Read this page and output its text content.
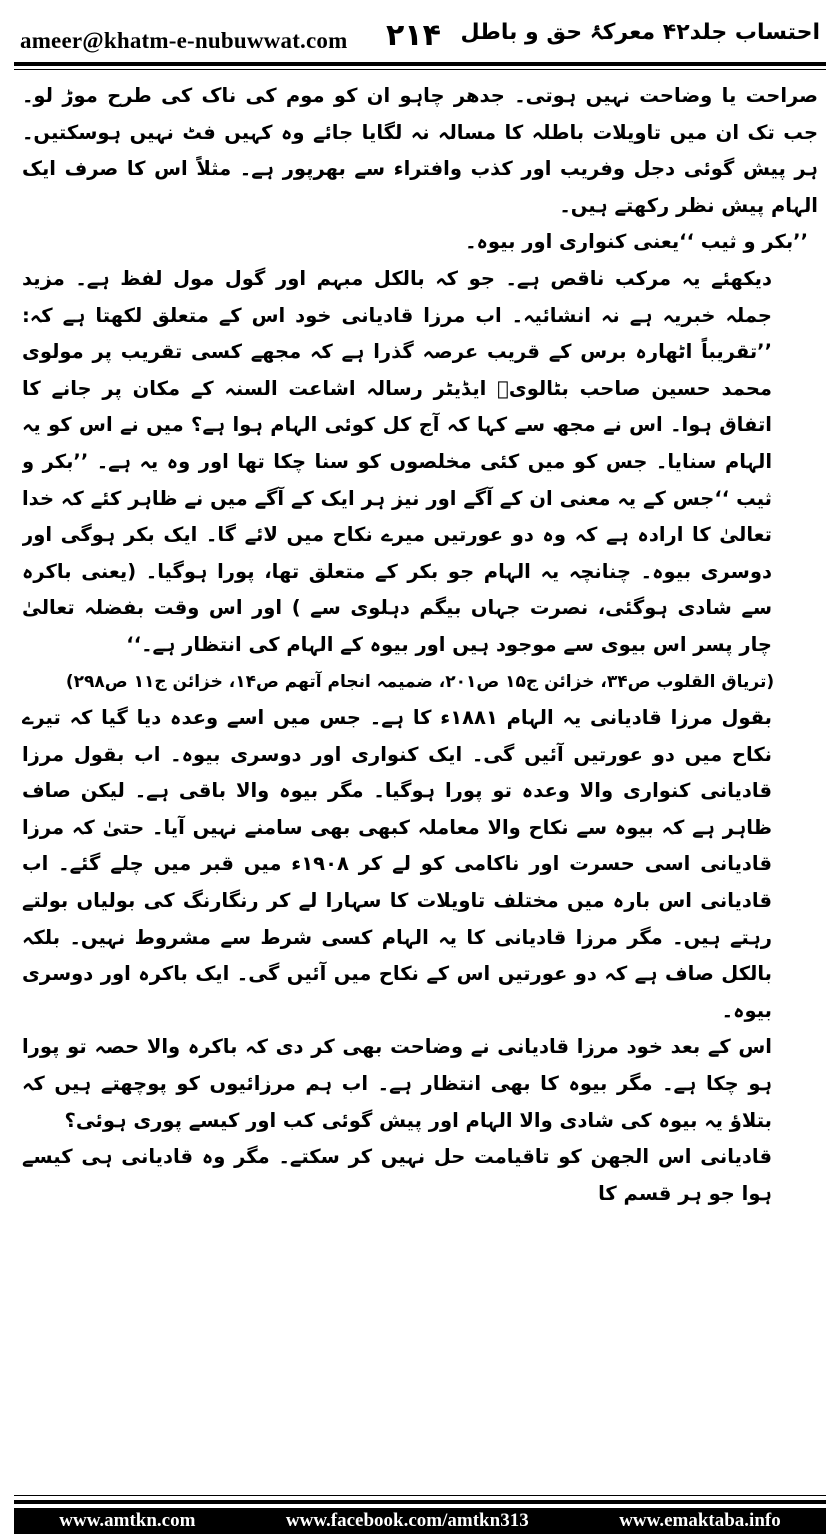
ameer@khatm-e-nubuwwat.com ۲۱۴ احتساب جلد۴۲ معرکۂ حق و باطل

صراحت یا وضاحت نہیں ہوتی۔ جدھر چاہو ان کو موم کی ناک کی طرح موڑ لو۔ جب تک ان میں تاویلات باطلہ کا مسالہ نہ لگایا جائے وہ کہیں فٹ نہیں ہوسکتیں۔ ہر پیش گوئی دجل وفریب اور کذب وافتراء سے بھرپور ہے۔ مثلاً اس کا صرف ایک الہام پیش نظر رکھتے ہیں۔

’’بکر و ثیب ‘‘یعنی کنواری اور بیوہ۔

دیکھئے یہ مرکب ناقص ہے۔ جو کہ بالکل مبہم اور گول مول لفظ ہے۔ مزید جملہ خبریہ ہے نہ انشائیہ۔ اب مرزا قادیانی خود اس کے متعلق لکھتا ہے کہ: ’’تقریباً اٹھارہ برس کے قریب عرصہ گذرا ہے کہ مجھے کسی تقریب پر مولوی محمد حسین صاحب بٹالویؒ ایڈیٹر رسالہ اشاعت السنہ کے مکان پر جانے کا اتفاق ہوا۔ اس نے مجھ سے کہا کہ آج کل کوئی الہام ہوا ہے؟ میں نے اس کو یہ الہام سنایا۔ جس کو میں کئی مخلصوں کو سنا چکا تھا اور وہ یہ ہے۔ ’’بکر و ثیب ‘‘جس کے یہ معنی ان کے آگے اور نیز ہر ایک کے آگے میں نے ظاہر کئے کہ خدا تعالیٰ کا ارادہ ہے کہ وہ دو عورتیں میرے نکاح میں لائے گا۔ ایک بکر ہوگی اور دوسری بیوہ۔ چنانچہ یہ الہام جو بکر کے متعلق تھا، پورا ہوگیا۔ (یعنی باکرہ سے شادی ہوگئی، نصرت جہاں بیگم دہلوی سے ) اور اس وقت بفضلہ تعالیٰ چار پسر اس بیوی سے موجود ہیں اور بیوہ کے الہام کی انتظار ہے۔‘‘

(تریاق القلوب ص۳۴، خزائن ج۱۵ ص۲۰۱، ضمیمہ انجام آتھم ص۱۴، خزائن ج۱۱ ص۲۹۸)

بقول مرزا قادیانی یہ الہام ۱۸۸۱ء کا ہے۔ جس میں اسے وعدہ دیا گیا کہ تیرے نکاح میں دو عورتیں آئیں گی۔ ایک کنواری اور دوسری بیوہ۔ اب بقول مرزا قادیانی کنواری والا وعدہ تو پورا ہوگیا۔ مگر بیوہ والا باقی ہے۔ لیکن صاف ظاہر ہے کہ بیوہ سے نکاح والا معاملہ کبھی بھی سامنے نہیں آیا۔ حتیٰ کہ مرزا قادیانی اسی حسرت اور ناکامی کو لے کر ۱۹۰۸ء میں قبر میں چلے گئے۔ اب قادیانی اس بارہ میں مختلف تاویلات کا سہارا لے کر رنگارنگ کی بولیاں بولتے رہتے ہیں۔ مگر مرزا قادیانی کا یہ الہام کسی شرط سے مشروط نہیں۔ بلکہ بالکل صاف ہے کہ دو عورتیں اس کے نکاح میں آئیں گی۔ ایک باکرہ اور دوسری بیوہ۔

اس کے بعد خود مرزا قادیانی نے وضاحت بھی کر دی کہ باکرہ والا حصہ تو پورا ہو چکا ہے۔ مگر بیوہ کا بھی انتظار ہے۔ اب ہم مرزائیوں کو پوچھتے ہیں کہ بتلاؤ یہ بیوہ کی شادی والا الہام اور پیش گوئی کب اور کیسے پوری ہوئی؟

قادیانی اس الجھن کو تاقیامت حل نہیں کر سکتے۔ مگر وہ قادیانی ہی کیسے ہوا جو ہر قسم کا

www.amtkn.com	www.facebook.com/amtkn313	www.emaktaba.info
